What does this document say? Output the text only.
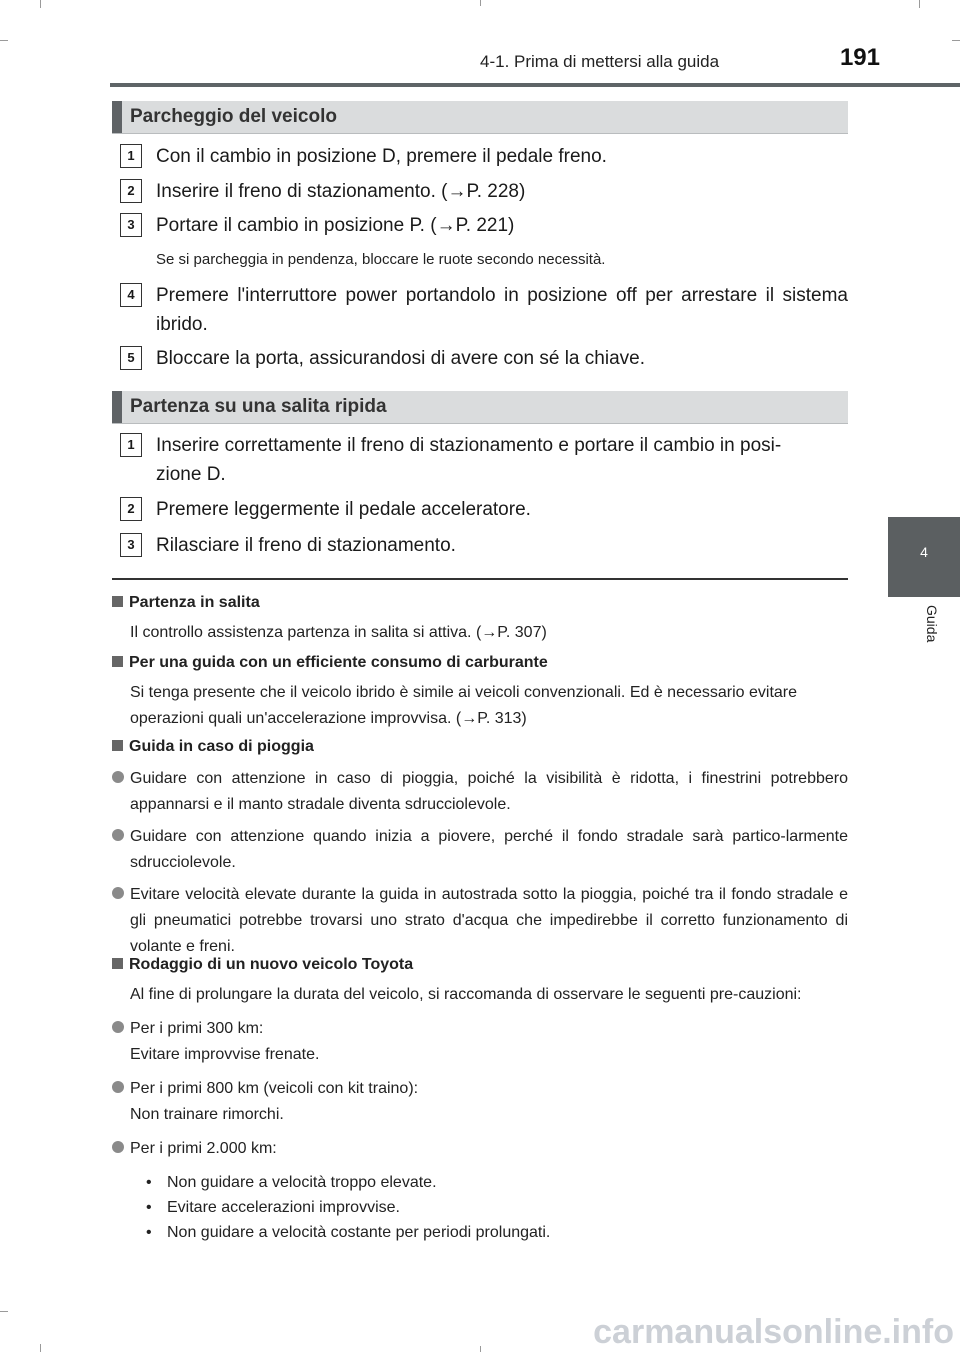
4-1. Prima di mettersi alla guida	191
4
Guida
Parcheggio del veicolo
1	Con il cambio in posizione D, premere il pedale freno.
2	Inserire il freno di stazionamento. (→P. 228)
3	Portare il cambio in posizione P. (→P. 221)
Se si parcheggia in pendenza, bloccare le ruote secondo necessità.
4	Premere l'interruttore power portandolo in posizione off per arrestare il sistema ibrido.
5	Bloccare la porta, assicurandosi di avere con sé la chiave.
Partenza su una salita ripida
1	Inserire correttamente il freno di stazionamento e portare il cambio in posi-zione D.
2	Premere leggermente il pedale acceleratore.
3	Rilasciare il freno di stazionamento.
Partenza in salita
Il controllo assistenza partenza in salita si attiva. (→P. 307)
Per una guida con un efficiente consumo di carburante
Si tenga presente che il veicolo ibrido è simile ai veicoli convenzionali. Ed è necessario evitare operazioni quali un'accelerazione improvvisa. (→P. 313)
Guida in caso di pioggia
Guidare con attenzione in caso di pioggia, poiché la visibilità è ridotta, i finestrini potrebbero appannarsi e il manto stradale diventa sdrucciolevole.
Guidare con attenzione quando inizia a piovere, perché il fondo stradale sarà partico-larmente sdrucciolevole.
Evitare velocità elevate durante la guida in autostrada sotto la pioggia, poiché tra il fondo stradale e gli pneumatici potrebbe trovarsi uno strato d'acqua che impedirebbe il corretto funzionamento di volante e freni.
Rodaggio di un nuovo veicolo Toyota
Al fine di prolungare la durata del veicolo, si raccomanda di osservare le seguenti pre-cauzioni:
Per i primi 300 km:
Evitare improvvise frenate.
Per i primi 800 km (veicoli con kit traino):
Non trainare rimorchi.
Per i primi 2.000 km:
• Non guidare a velocità troppo elevate.
• Evitare accelerazioni improvvise.
• Non guidare a velocità costante per periodi prolungati.
carmanualsonline.info
